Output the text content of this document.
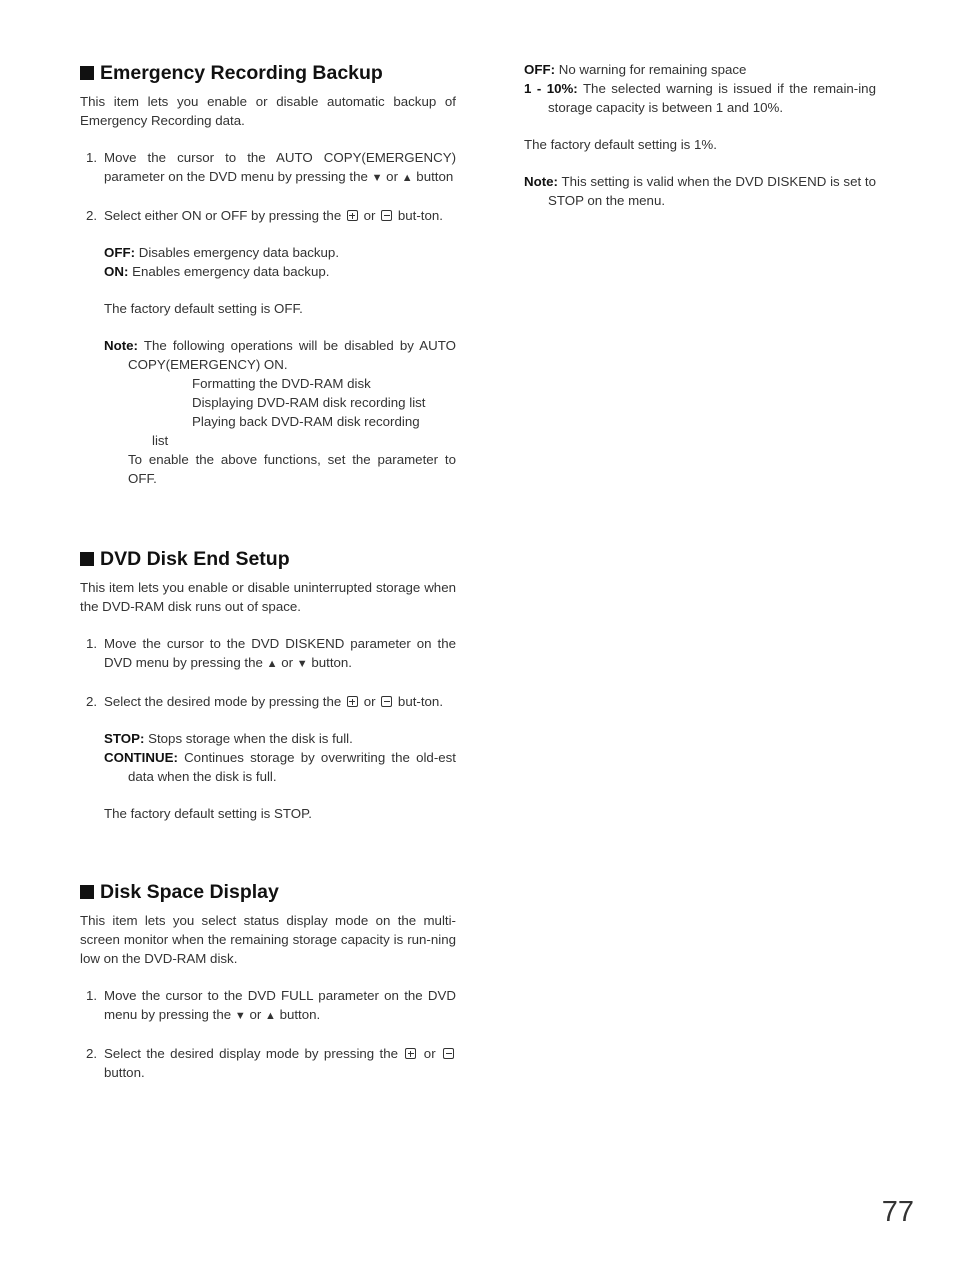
Emergency Recording Backup

This item lets you enable or disable automatic backup of Emergency Recording data.

1. Move the cursor to the AUTO COPY(EMERGENCY) parameter on the DVD menu by pressing the ▼ or ▲ button
2. Select either ON or OFF by pressing the or but-ton.

OFF: Disables emergency data backup.

ON: Enables emergency data backup.

The factory default setting is OFF.

Note: The following operations will be disabled by AUTO COPY(EMERGENCY) ON.

Formatting the DVD-RAM disk

Displaying DVD-RAM disk recording list

Playing back DVD-RAM disk recording

list

To enable the above functions, set the parameter to OFF.

DVD Disk End Setup

This item lets you enable or disable uninterrupted storage when the DVD-RAM disk runs out of space.

1. Move the cursor to the DVD DISKEND parameter on the DVD menu by pressing the ▲ or ▼ button.
2. Select the desired mode by pressing the or but-ton.

STOP: Stops storage when the disk is full.

CONTINUE: Continues storage by overwriting the old-est data when the disk is full.

The factory default setting is STOP.

Disk Space Display

This item lets you select status display mode on the multi-screen monitor when the remaining storage capacity is run-ning low on the DVD-RAM disk.

1. Move the cursor to the DVD FULL parameter on the DVD menu by pressing the ▼ or ▲ button.
2. Select the desired display mode by pressing the or  button.

OFF: No warning for remaining space

1 - 10%: The selected warning is issued if the remain-ing storage capacity is between 1 and 10%.

The factory default setting is 1%.

Note: This setting is valid when the DVD DISKEND is set to STOP on the menu.

77
